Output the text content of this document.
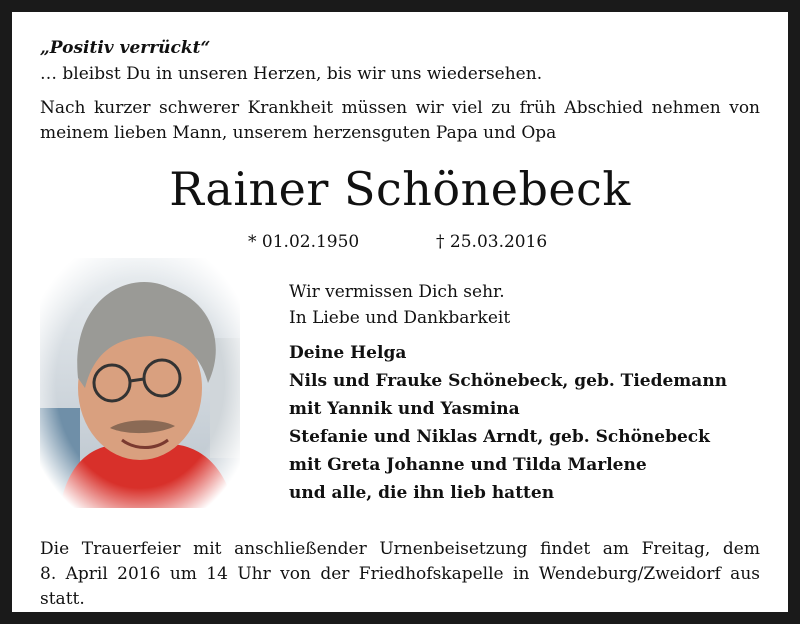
„Positiv verrückt“
… bleibst Du in unseren Herzen, bis wir uns wiedersehen.
Nach kurzer schwerer Krankheit müssen wir viel zu früh Abschied nehmen von
meinem lieben Mann, unserem herzensguten Papa und Opa
Rainer Schönebeck
* 01.02.1950	† 25.03.2016
Wir vermissen Dich sehr.
In Liebe und Dankbarkeit
Deine Helga
Nils und Frauke Schönebeck, geb. Tiedemann
mit Yannik und Yasmina
Stefanie und Niklas Arndt, geb. Schönebeck
mit Greta Johanne und Tilda Marlene
und alle, die ihn lieb hatten
Die Trauerfeier mit anschließender Urnenbeisetzung findet am Freitag, dem
8. April 2016 um 14 Uhr von der Friedhofskapelle in Wendeburg/Zweidorf aus statt.
